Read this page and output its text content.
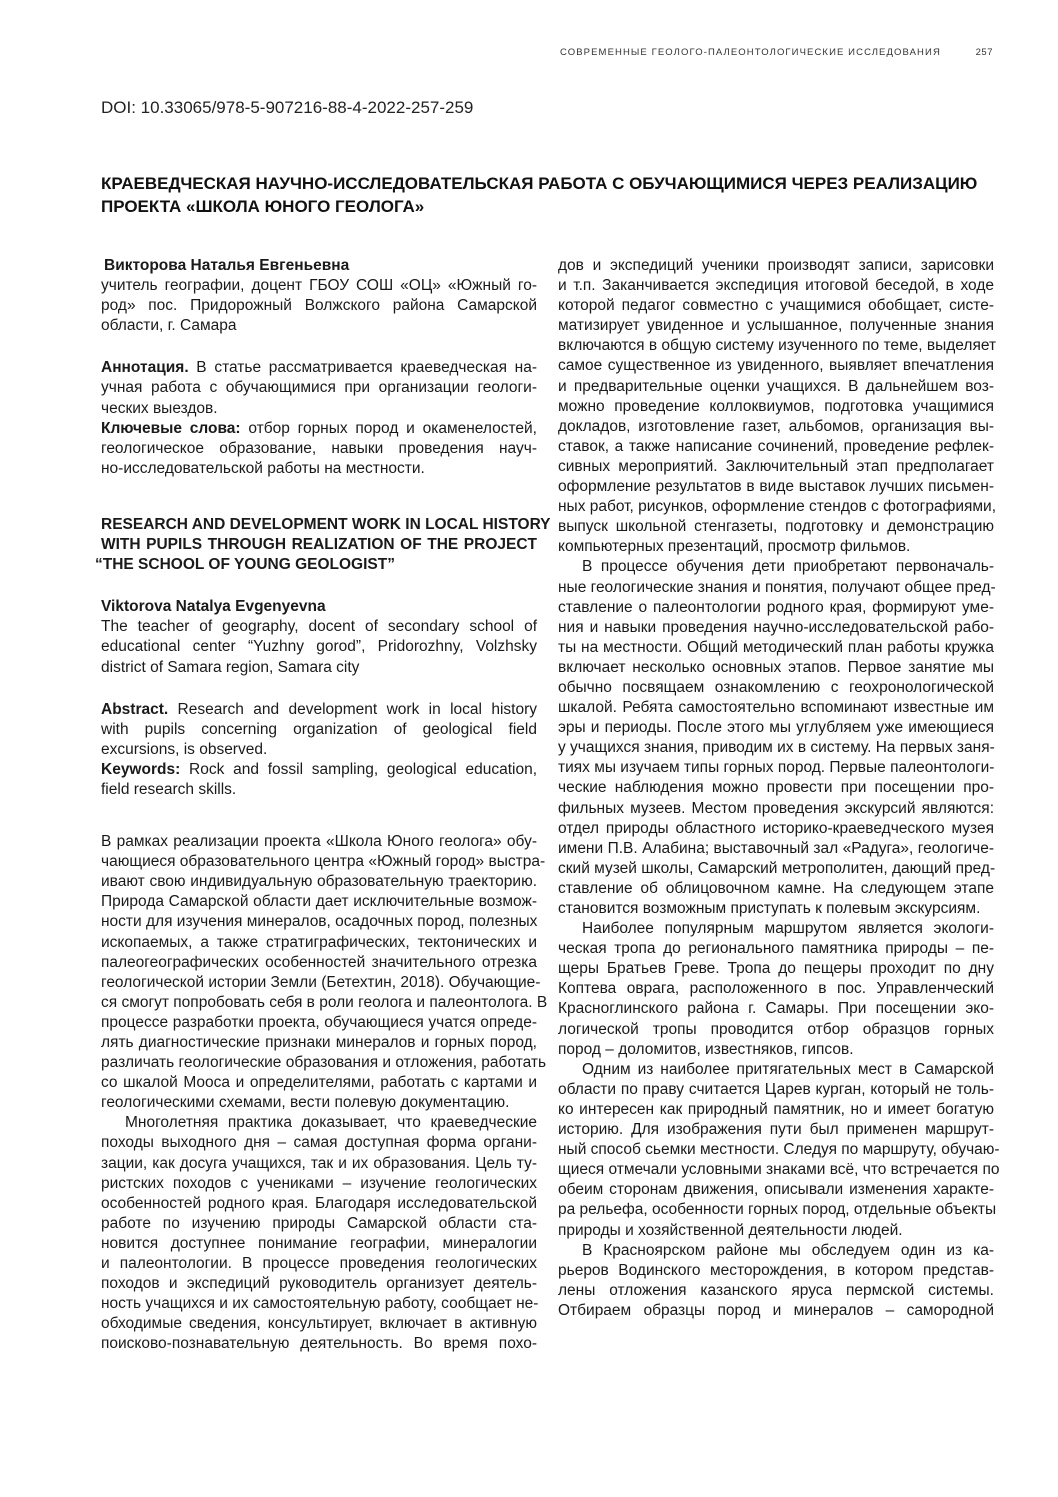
СОВРЕМЕННЫЕ ГЕОЛОГО-ПАЛЕОНТОЛОГИЧЕСКИЕ ИССЛЕДОВАНИЯ	257
DOI: 10.33065/978-5-907216-88-4-2022-257-259
КРАЕВЕДЧЕСКАЯ НАУЧНО-ИССЛЕДОВАТЕЛЬСКАЯ РАБОТА С ОБУЧАЮЩИМИСЯ ЧЕРЕЗ РЕАЛИЗАЦИЮ
ПРОЕКТА «ШКОЛА ЮНОГО ГЕОЛОГА»
Викторова Наталья Евгеньевна
учитель географии, доцент ГБОУ СОШ «ОЦ» «Южный го-
род» пос. Придорожный Волжского района Самарской
области, г. Самара
Аннотация. В статье рассматривается краеведческая на-
учная работа с обучающимися при организации геологи-
ческих выездов.
Ключевые слова: отбор горных пород и окаменелостей,
геологическое образование, навыки проведения науч-
но-исследовательской работы на местности.
RESEARCH AND DEVELOPMENT WORK IN LOCAL HISTORY
WITH PUPILS THROUGH REALIZATION OF THE PROJECT
“THE SCHOOL OF YOUNG GEOLOGIST”
Viktorova Natalya Evgenyevna
The teacher of geography, docent of secondary school of
educational center “Yuzhny gorod”, Pridorozhny, Volzhsky
district of Samara region, Samara city
Abstract. Research and development work in local history
with pupils concerning organization of geological field
excursions, is observed.
Keywords: Rock and fossil sampling, geological education,
field research skills.
В рамках реализации проекта «Школа Юного геолога» обу-
чающиеся образовательного центра «Южный город» выстра-
ивают свою индивидуальную образовательную траекторию.
Природа Самарской области дает исключительные возмож-
ности для изучения минералов, осадочных пород, полезных
ископаемых, а также стратиграфических, тектонических и
палеогеографических особенностей значительного отрезка
геологической истории Земли (Бетехтин, 2018). Обучающие-
ся смогут попробовать себя в роли геолога и палеонтолога. В
процессе разработки проекта, обучающиеся учатся опреде-
лять диагностические признаки минералов и горных пород,
различать геологические образования и отложения, работать
со шкалой Мооса и определителями, работать с картами и
геологическими схемами, вести полевую документацию.
Многолетняя практика доказывает, что краеведческие
походы выходного дня – самая доступная форма органи-
зации, как досуга учащихся, так и их образования. Цель ту-
ристских походов с учениками – изучение геологических
особенностей родного края. Благодаря исследовательской
работе по изучению природы Самарской области ста-
новится доступнее понимание географии, минералогии
и палеонтологии. В процессе проведения геологических
походов и экспедиций руководитель организует деятель-
ность учащихся и их самостоятельную работу, сообщает не-
обходимые сведения, консультирует, включает в активную
поисково-познавательную деятельность. Во время похо-
дов и экспедиций ученики производят записи, зарисовки
и т.п. Заканчивается экспедиция итоговой беседой, в ходе
которой педагог совместно с учащимися обобщает, систе-
матизирует увиденное и услышанное, полученные знания
включаются в общую систему изученного по теме, выделяет
самое существенное из увиденного, выявляет впечатления
и предварительные оценки учащихся. В дальнейшем воз-
можно проведение коллоквиумов, подготовка учащимися
докладов, изготовление газет, альбомов, организация вы-
ставок, а также написание сочинений, проведение рефлек-
сивных мероприятий. Заключительный этап предполагает
оформление результатов в виде выставок лучших письмен-
ных работ, рисунков, оформление стендов с фотографиями,
выпуск школьной стенгазеты, подготовку и демонстрацию
компьютерных презентаций, просмотр фильмов.
В процессе обучения дети приобретают первоначаль-
ные геологические знания и понятия, получают общее пред-
ставление о палеонтологии родного края, формируют уме-
ния и навыки проведения научно-исследовательской рабо-
ты на местности. Общий методический план работы кружка
включает несколько основных этапов. Первое занятие мы
обычно посвящаем ознакомлению с геохронологической
шкалой. Ребята самостоятельно вспоминают известные им
эры и периоды. После этого мы углубляем уже имеющиеся
у учащихся знания, приводим их в систему. На первых заня-
тиях мы изучаем типы горных пород. Первые палеонтологи-
ческие наблюдения можно провести при посещении про-
фильных музеев. Местом проведения экскурсий являются:
отдел природы областного историко-краеведческого музея
имени П.В. Алабина; выставочный зал «Радуга», геологиче-
ский музей школы, Самарский метрополитен, дающий пред-
ставление об облицовочном камне. На следующем этапе
становится возможным приступать к полевым экскурсиям.
Наиболее популярным маршрутом является экологи-
ческая тропа до регионального памятника природы – пе-
щеры Братьев Греве. Тропа до пещеры проходит по дну
Коптева оврага, расположенного в пос. Управленческий
Красноглинского района г. Самары. При посещении эко-
логической тропы проводится отбор образцов горных
пород – доломитов, известняков, гипсов.
Одним из наиболее притягательных мест в Самарской
области по праву считается Царев курган, который не толь-
ко интересен как природный памятник, но и имеет богатую
историю. Для изображения пути был применен маршрут-
ный способ сьемки местности. Следуя по маршруту, обучаю-
щиеся отмечали условными знаками всё, что встречается по
обеим сторонам движения, описывали изменения характе-
ра рельефа, особенности горных пород, отдельные объекты
природы и хозяйственной деятельности людей.
В Красноярском районе мы обследуем один из ка-
рьеров Водинского месторождения, в котором представ-
лены отложения казанского яруса пермской системы.
Отбираем образцы пород и минералов – самородной
